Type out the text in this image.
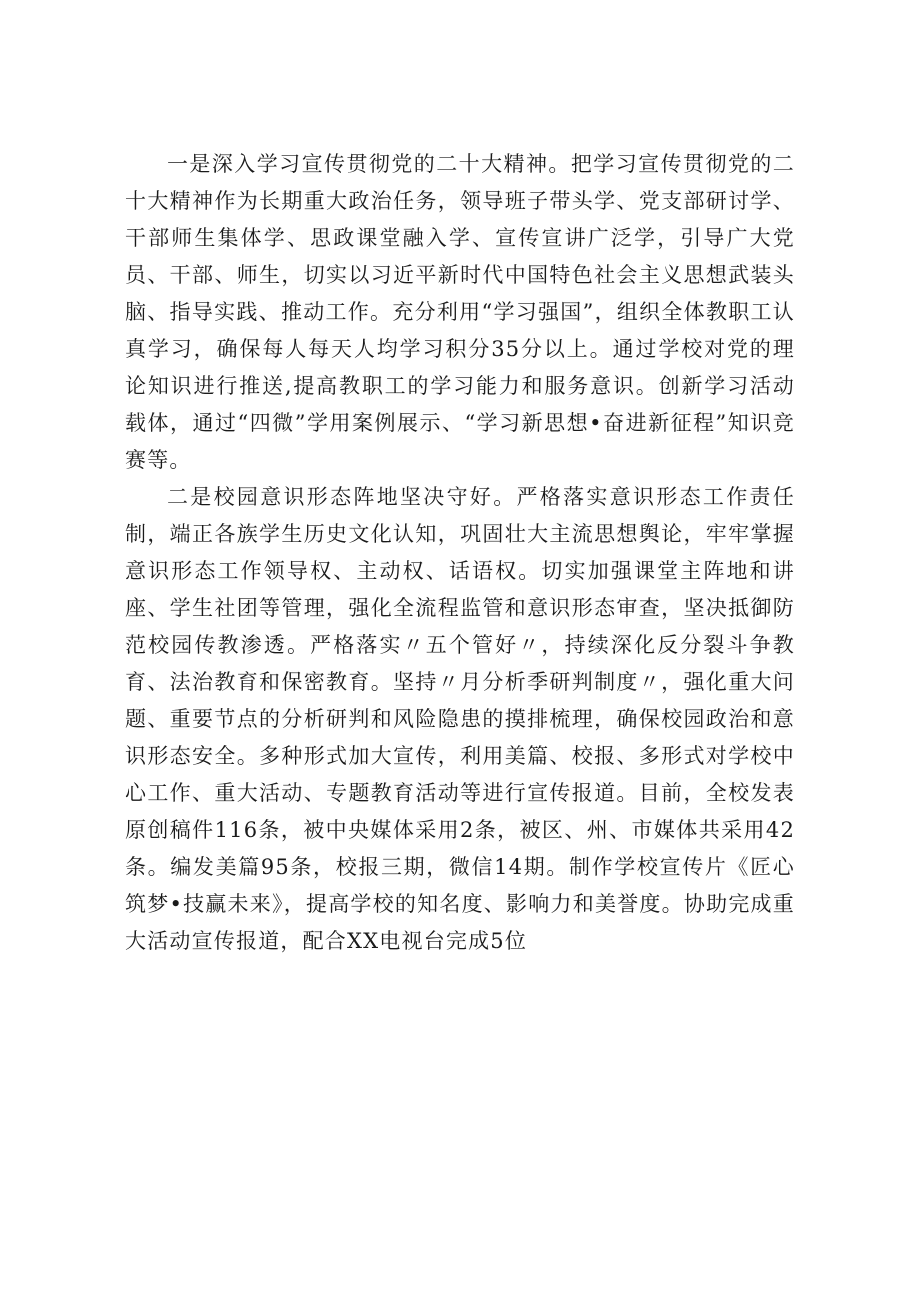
一是深入学习宣传贯彻党的二十大精神。把学习宣传贯彻党的二十大精神作为长期重大政治任务，领导班子带头学、党支部研讨学、干部师生集体学、思政课堂融入学、宣传宣讲广泛学，引导广大党员、干部、师生，切实以习近平新时代中国特色社会主义思想武装头脑、指导实践、推动工作。充分利用“学习强国”，组织全体教职工认真学习，确保每人每天人均学习积分35分以上。通过学校对党的理论知识进行推送,提高教职工的学习能力和服务意识。创新学习活动载体，通过“四微”学用案例展示、“学习新思想•奋进新征程”知识竞赛等。

二是校园意识形态阵地坚决守好。严格落实意识形态工作责任制，端正各族学生历史文化认知，巩固壮大主流思想舆论，牢牢掌握意识形态工作领导权、主动权、话语权。切实加强课堂主阵地和讲座、学生社团等管理，强化全流程监管和意识形态审查，坚决抵御防范校园传教渗透。严格落实〃五个管好〃，持续深化反分裂斗争教育、法治教育和保密教育。坚持〃月分析季研判制度〃，强化重大问题、重要节点的分析研判和风险隐患的摸排梳理，确保校园政治和意识形态安全。多种形式加大宣传，利用美篇、校报、多形式对学校中心工作、重大活动、专题教育活动等进行宣传报道。目前，全校发表原创稿件116条，被中央媒体采用2条，被区、州、市媒体共采用42条。编发美篇95条，校报三期，微信14期。制作学校宣传片《匠心筑梦•技赢未来》，提高学校的知名度、影响力和美誉度。协助完成重大活动宣传报道，配合XX电视台完成5位
